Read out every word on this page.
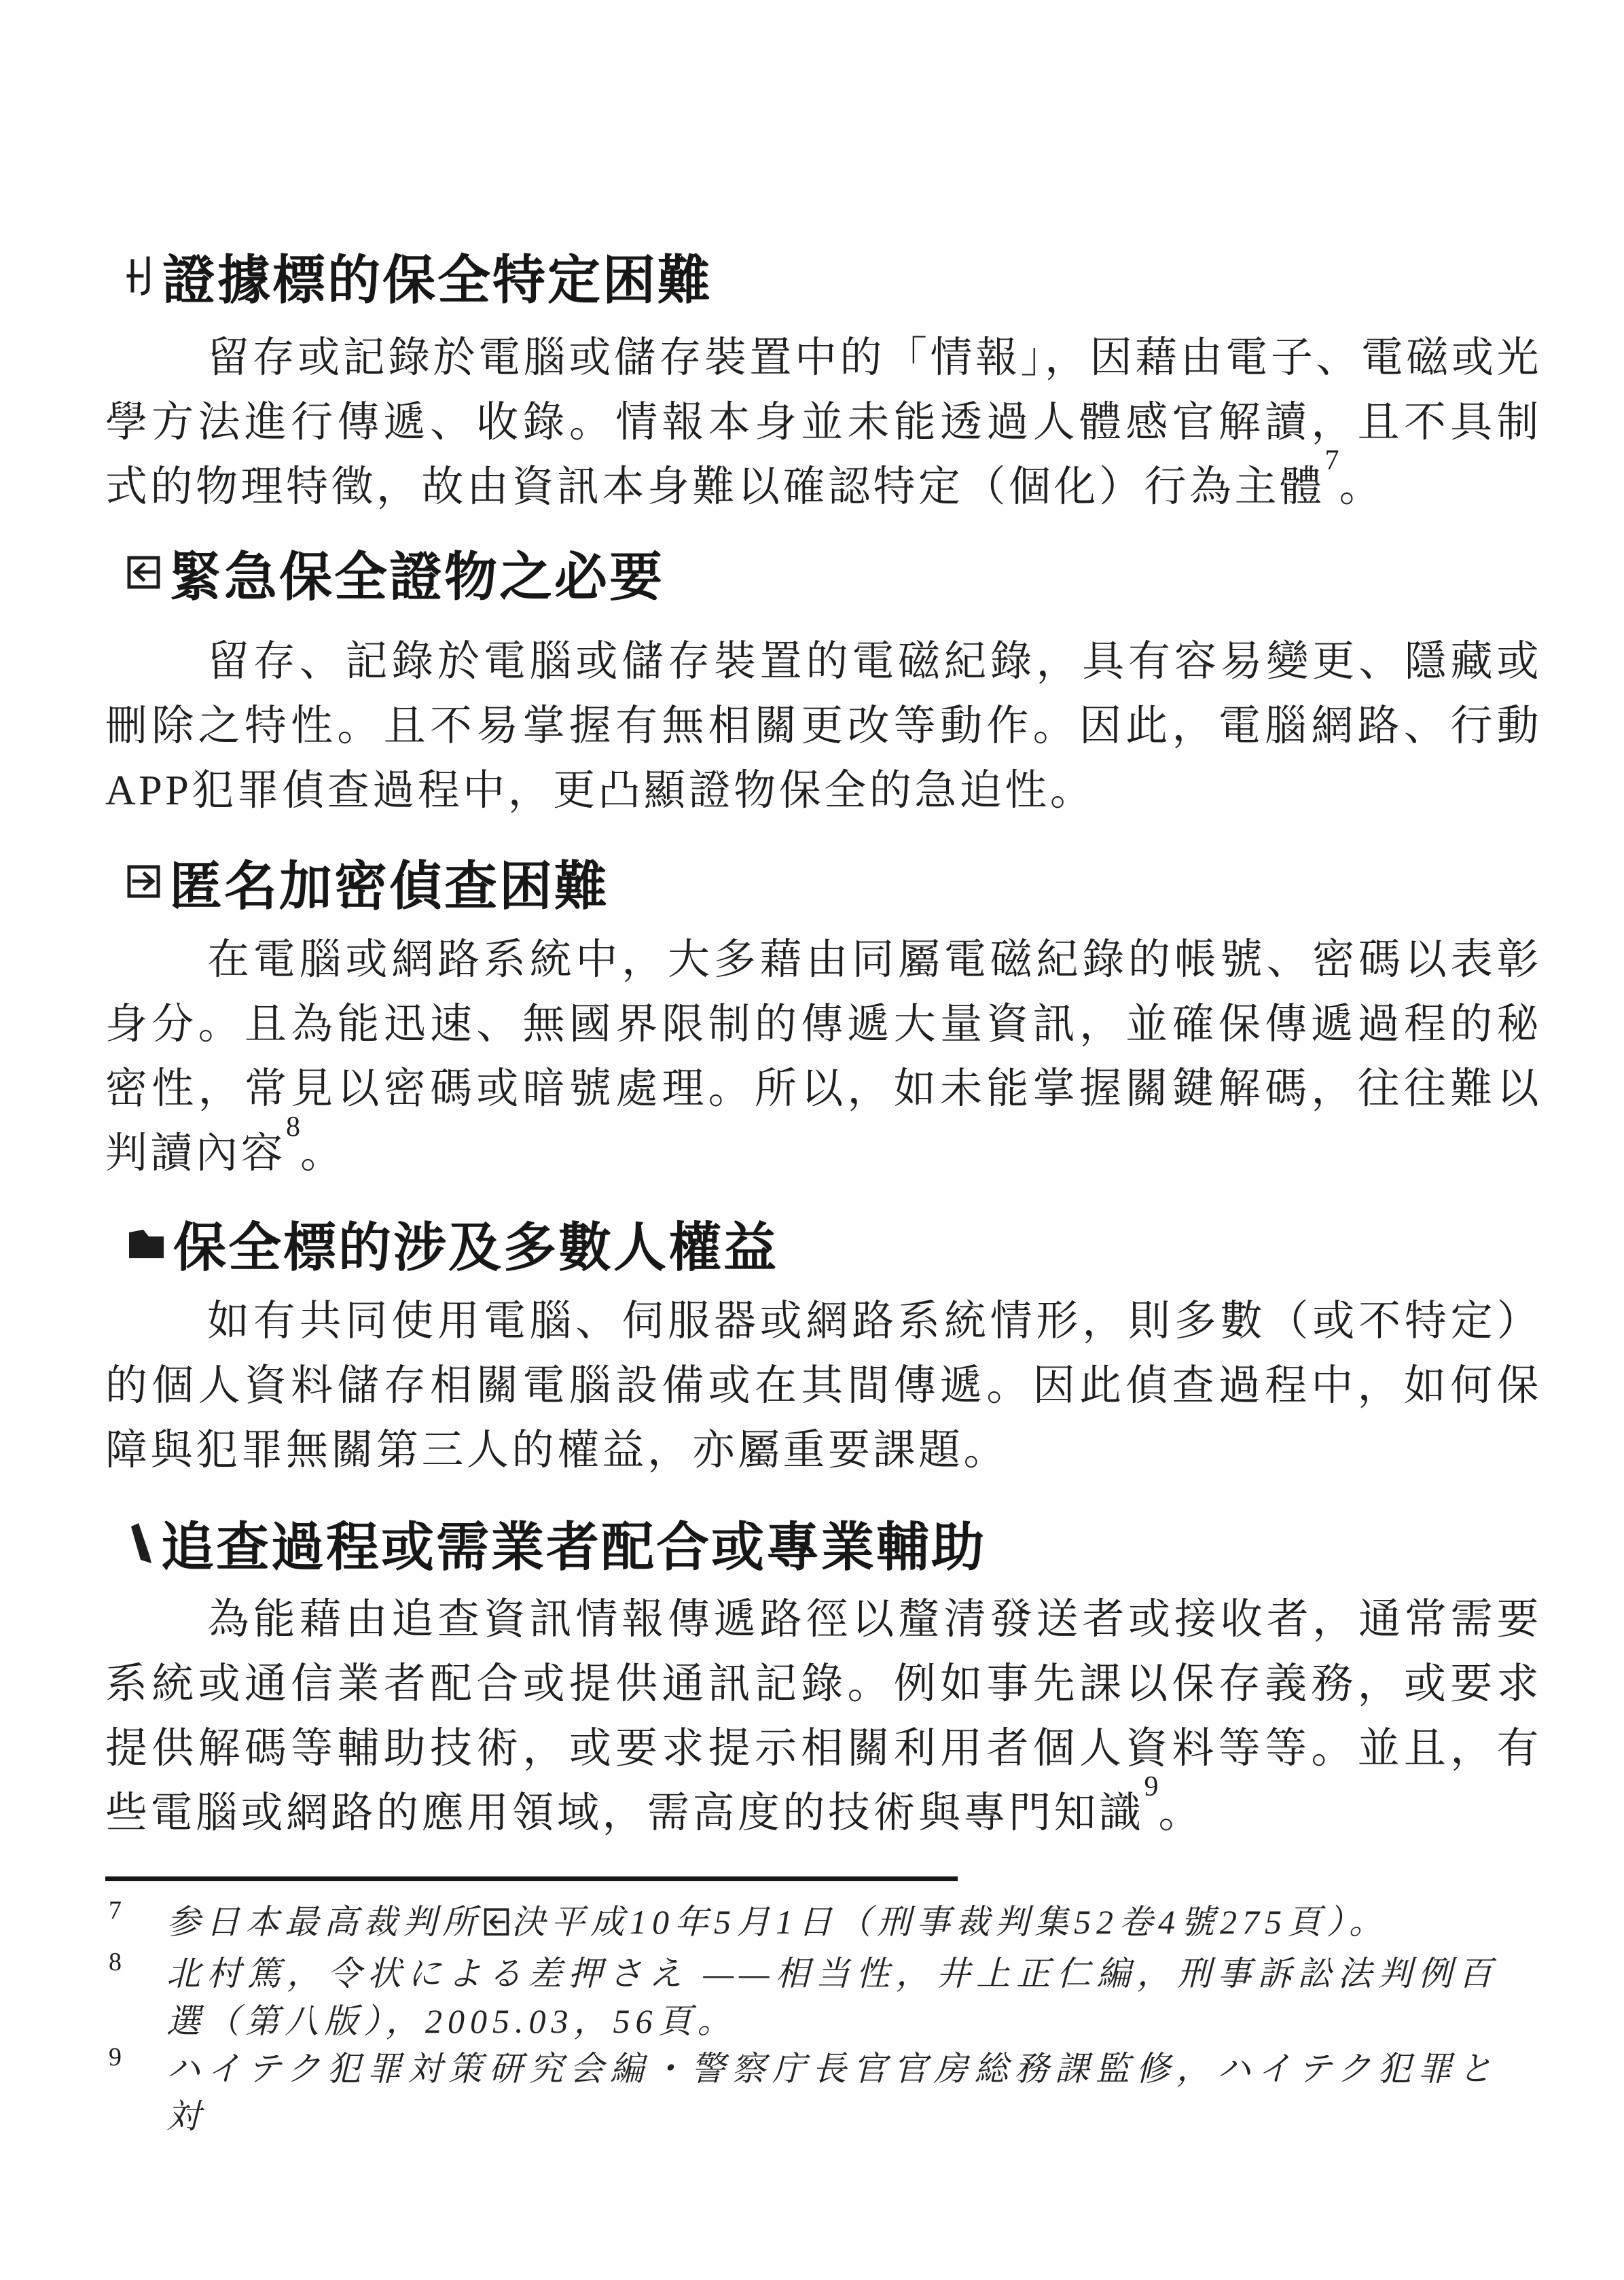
證據標的保全特定困難

留存或記錄於電腦或儲存裝置中的「情報」，因藉由電子、電磁或光學方法進行傳遞、收錄。情報本身並未能透過人體感官解讀，且不具制式的物理特徵，故由資訊本身難以確認特定（個化）行為主體$^7$。

緊急保全證物之必要

留存、記錄於電腦或儲存裝置的電磁紀錄，具有容易變更、隱藏或刪除之特性。且不易掌握有無相關更改等動作。因此，電腦網路、行動APP犯罪偵查過程中，更凸顯證物保全的急迫性。

匿名加密偵查困難

在電腦或網路系統中，大多藉由同屬電磁紀錄的帳號、密碼以表彰身分。且為能迅速、無國界限制的傳遞大量資訊，並確保傳遞過程的秘密性，常見以密碼或暗號處理。所以，如未能掌握關鍵解碼，往往難以判讀內容$^8$。

保全標的涉及多數人權益

如有共同使用電腦、伺服器或網路系統情形，則多數（或不特定）的個人資料儲存相關電腦設備或在其間傳遞。因此偵查過程中，如何保障與犯罪無關第三人的權益，亦屬重要課題。

追查過程或需業者配合或專業輔助

為能藉由追查資訊情報傳遞路徑以釐清發送者或接收者，通常需要系統或通信業者配合或提供通訊記錄。例如事先課以保存義務，或要求提供解碼等輔助技術，或要求提示相關利用者個人資料等等。並且，有些電腦或網路的應用領域，需高度的技術與專門知識$^9$。

7	参日本最高裁判所 決平成10年5月1日（刑事裁判集52卷4號275頁）。
8	北村篤，令状による差押さえ ——相当性，井上正仁編，刑事訴訟法判例百選（第八版），2005.03，56頁。
9	ハイテク犯罪対策研究会編・警察庁長官官房総務課監修，ハイテク犯罪と対
